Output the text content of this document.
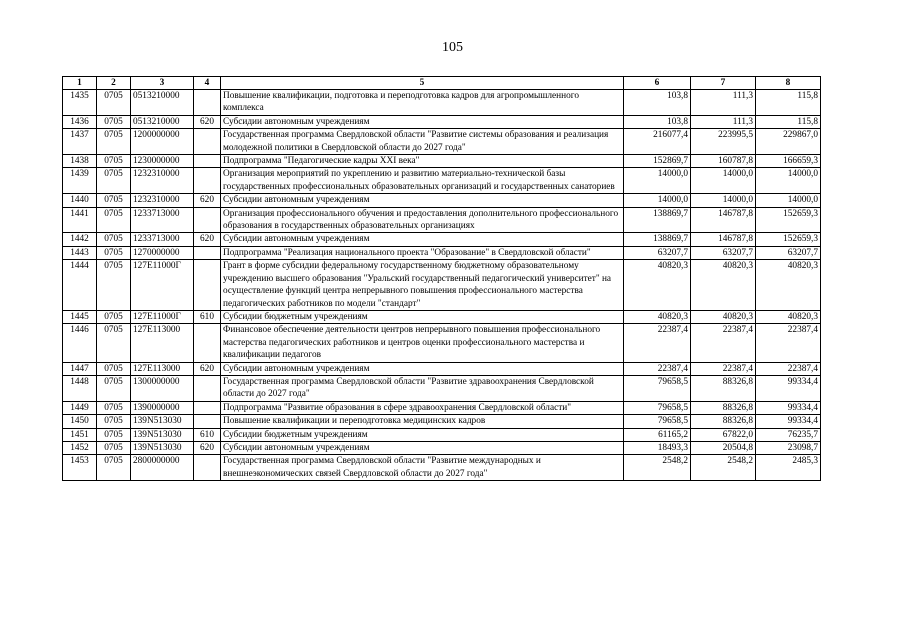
105
1	2	3	4	5	6	7	8
1435	0705	0513210000		Повышение квалификации, подготовка и переподготовка кадров для агропромышленного комплекса	103,8	111,3	115,8
1436	0705	0513210000	620	Субсидии автономным учреждениям	103,8	111,3	115,8
1437	0705	1200000000		Государственная программа Свердловской области "Развитие системы образования и реализация молодежной политики в Свердловской области до 2027 года"	216077,4	223995,5	229867,0
1438	0705	1230000000		Подпрограмма "Педагогические кадры XXI века"	152869,7	160787,8	166659,3
1439	0705	1232310000		Организация мероприятий по укреплению и развитию материально-технической базы государственных профессиональных образовательных организаций и государственных санаториев	14000,0	14000,0	14000,0
1440	0705	1232310000	620	Субсидии автономным учреждениям	14000,0	14000,0	14000,0
1441	0705	1233713000		Организация профессионального обучения и предоставления дополнительного профессионального образования в государственных образовательных организациях	138869,7	146787,8	152659,3
1442	0705	1233713000	620	Субсидии автономным учреждениям	138869,7	146787,8	152659,3
1443	0705	1270000000		Подпрограмма "Реализация национального проекта "Образование" в Свердловской области"	63207,7	63207,7	63207,7
1444	0705	127Е11000Г		Грант в форме субсидии федеральному государственному бюджетному образовательному учреждению высшего образования "Уральский государственный педагогический университет" на осуществление функций центра непрерывного повышения профессионального мастерства педагогических работников по модели "стандарт"	40820,3	40820,3	40820,3
1445	0705	127Е11000Г	610	Субсидии бюджетным учреждениям	40820,3	40820,3	40820,3
1446	0705	127Е113000		Финансовое обеспечение деятельности центров непрерывного повышения профессионального мастерства педагогических работников и центров оценки профессионального мастерства и квалификации педагогов	22387,4	22387,4	22387,4
1447	0705	127Е113000	620	Субсидии автономным учреждениям	22387,4	22387,4	22387,4
1448	0705	1300000000		Государственная программа Свердловской области "Развитие здравоохранения Свердловской области до 2027 года"	79658,5	88326,8	99334,4
1449	0705	1390000000		Подпрограмма "Развитие образования в сфере здравоохранения Свердловской области"	79658,5	88326,8	99334,4
1450	0705	139N513030		Повышение квалификации и переподготовка медицинских кадров	79658,5	88326,8	99334,4
1451	0705	139N513030	610	Субсидии бюджетным учреждениям	61165,2	67822,0	76235,7
1452	0705	139N513030	620	Субсидии автономным учреждениям	18493,3	20504,8	23098,7
1453	0705	2800000000		Государственная программа Свердловской области "Развитие международных и внешнеэкономических связей Свердловской области до 2027 года"	2548,2	2548,2	2485,3
